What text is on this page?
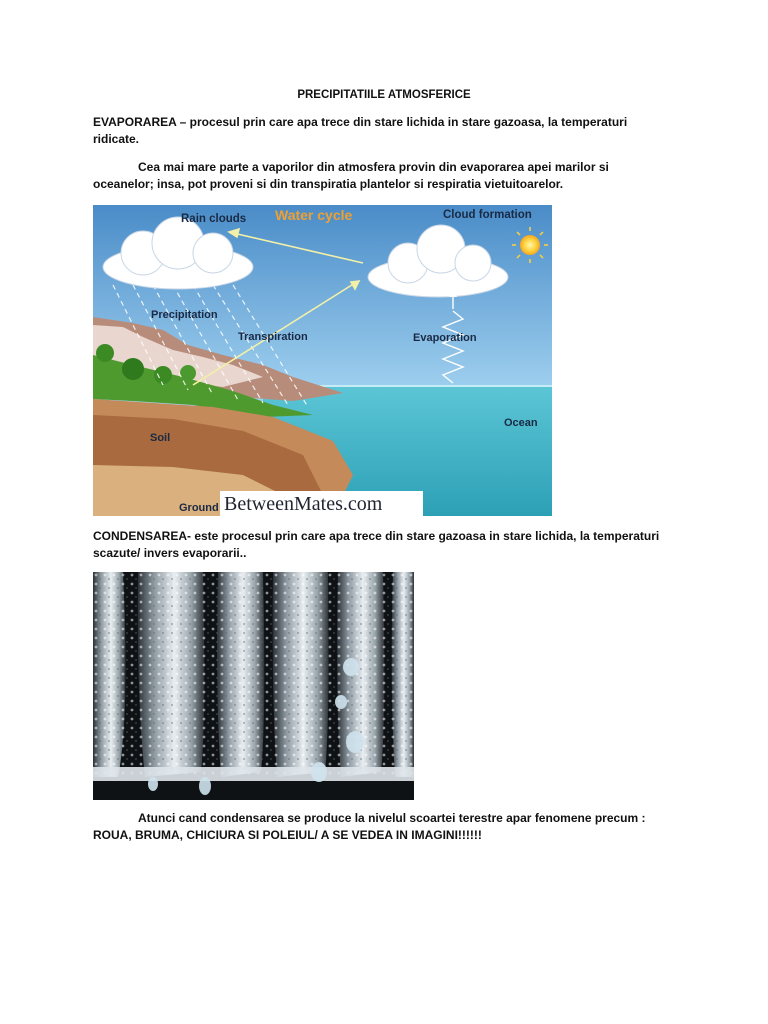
PRECIPITATIILE ATMOSFERICE
EVAPORAREA – procesul prin care apa trece din stare lichida in stare gazoasa, la temperaturi ridicate.
Cea mai mare parte a vaporilor din atmosfera provin din evaporarea apei marilor si oceanelor; insa, pot proveni si din transpiratia plantelor si respiratia vietuitoarelor.
Rain clouds Water cycle	Cloud formation
Precipitation
Transpiration	Evaporation
Soil
Ocean
Ground BetweenMates.com
CONDENSAREA- este procesul prin care apa trece din stare gazoasa in stare lichida, la temperaturi scazute/ invers evaporarii..
Atunci cand condensarea se produce la nivelul scoartei terestre apar fenomene precum : ROUA, BRUMA, CHICIURA SI POLEIUL/ A SE VEDEA IN IMAGINI!!!!!!
